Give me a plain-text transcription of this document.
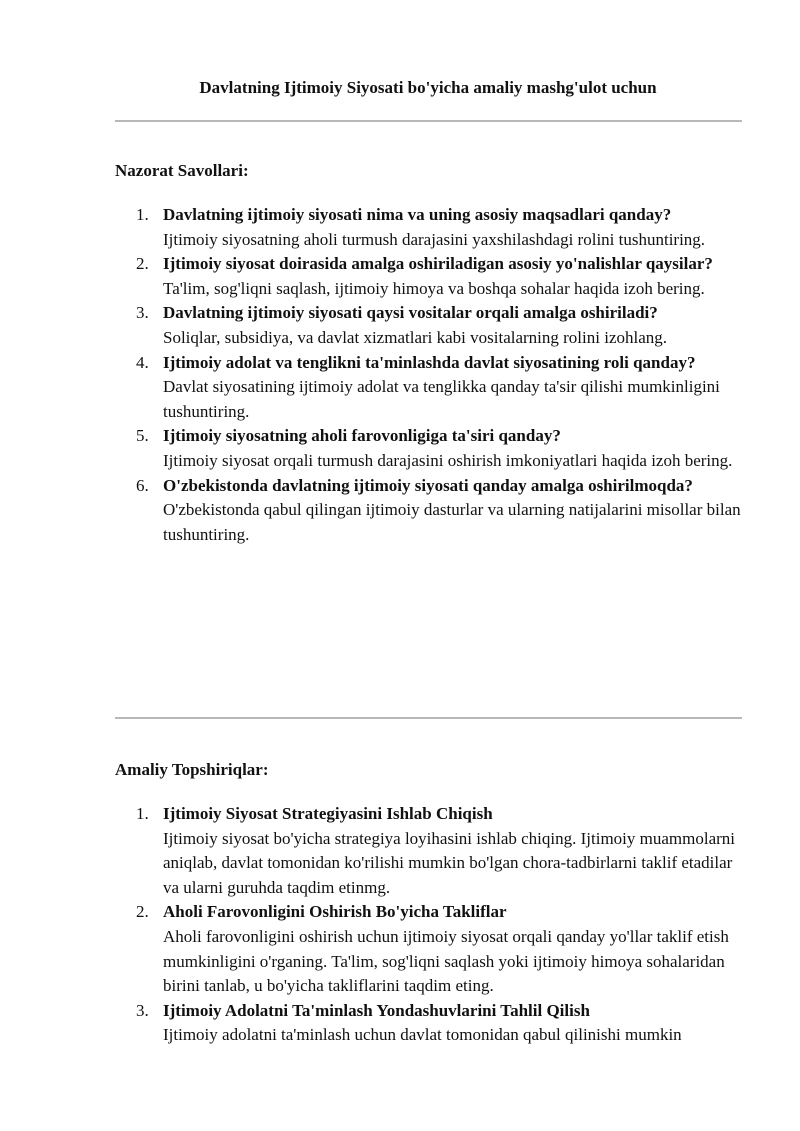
Davlatning Ijtimoiy Siyosati bo'yicha amaliy mashg'ulot uchun
Nazorat Savollari:
1. Davlatning ijtimoiy siyosati nima va uning asosiy maqsadlari qanday?
Ijtimoiy siyosatning aholi turmush darajasini yaxshilashdagi rolini tushuntiring.
2. Ijtimoiy siyosat doirasida amalga oshiriladigan asosiy yo'nalishlar qaysilar?
Ta'lim, sog'liqni saqlash, ijtimoiy himoya va boshqa sohalar haqida izoh bering.
3. Davlatning ijtimoiy siyosati qaysi vositalar orqali amalga oshiriladi?
Soliqlar, subsidiya, va davlat xizmatlari kabi vositalarning rolini izohlang.
4. Ijtimoiy adolat va tenglikni ta'minlashda davlat siyosatining roli qanday?
Davlat siyosatining ijtimoiy adolat va tenglikka qanday ta'sir qilishi mumkinligini tushuntiring.
5. Ijtimoiy siyosatning aholi farovonligiga ta'siri qanday?
Ijtimoiy siyosat orqali turmush darajasini oshirish imkoniyatlari haqida izoh bering.
6. O'zbekistonda davlatning ijtimoiy siyosati qanday amalga oshirilmoqda?
O'zbekistonda qabul qilingan ijtimoiy dasturlar va ularning natijalarini misollar bilan tushuntiring.
Amaliy Topshiriqlar:
1. Ijtimoiy Siyosat Strategiyasini Ishlab Chiqish
Ijtimoiy siyosat bo'yicha strategiya loyihasini ishlab chiqing. Ijtimoiy muammolarni aniqlab, davlat tomonidan ko'rilishi mumkin bo'lgan chora-tadbirlarni taklif etadilar va ularni guruhda taqdim etinmg.
2. Aholi Farovonligini Oshirish Bo'yicha Takliflar
Aholi farovonligini oshirish uchun ijtimoiy siyosat orqali qanday yo'llar taklif etish mumkinligini o'rganing. Ta'lim, sog'liqni saqlash yoki ijtimoiy himoya sohalaridan birini tanlab, u bo'yicha takliflarini taqdim eting.
3. Ijtimoiy Adolatni Ta'minlash Yondashuvlarini Tahlil Qilish
Ijtimoiy adolatni ta'minlash uchun davlat tomonidan qabul qilinishi mumkin
